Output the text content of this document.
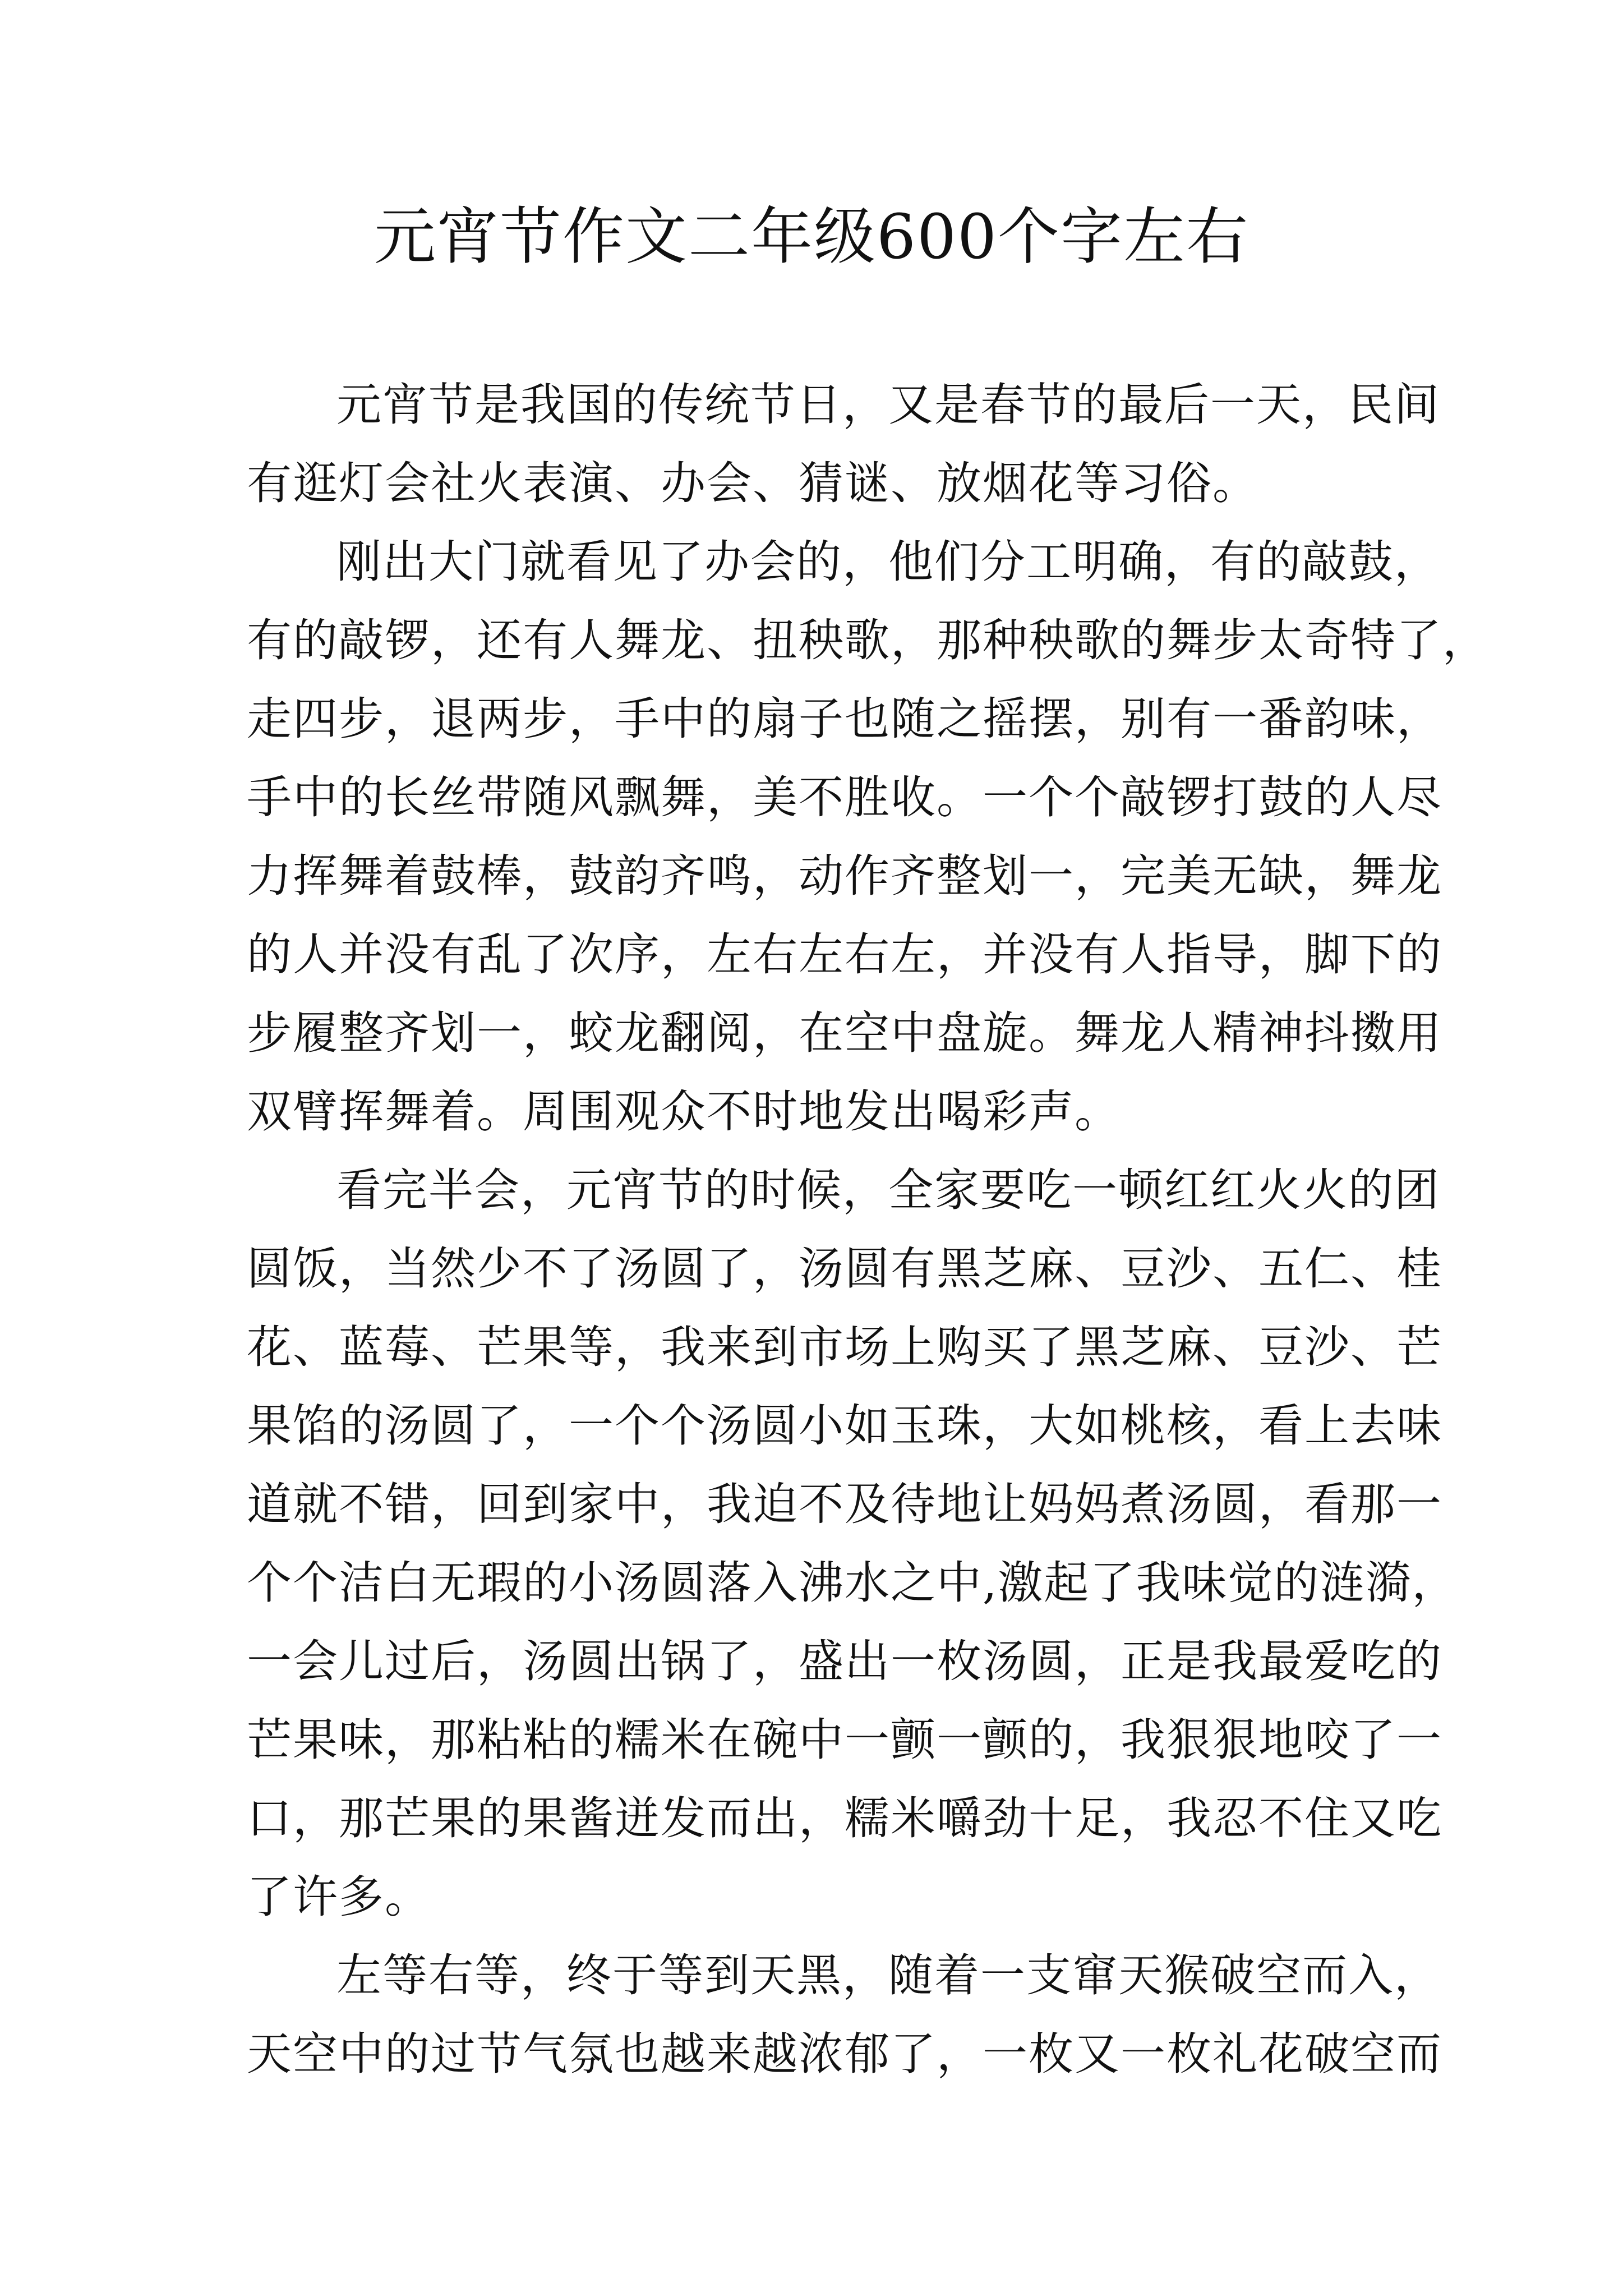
元宵节作文二年级600个字左右

元宵节是我国的传统节日，又是春节的最后一天，民间

有逛灯会社火表演、办会、猜谜、放烟花等习俗。

刚出大门就看见了办会的，他们分工明确，有的敲鼓，

有的敲锣，还有人舞龙、扭秧歌，那种秧歌的舞步太奇特了，

走四步，退两步，手中的扇子也随之摇摆，别有一番韵味，

手中的长丝带随风飘舞，美不胜收。一个个敲锣打鼓的人尽

力挥舞着鼓棒，鼓韵齐鸣，动作齐整划一，完美无缺，舞龙

的人并没有乱了次序，左右左右左，并没有人指导，脚下的

步履整齐划一，蛟龙翻阅，在空中盘旋。舞龙人精神抖擞用

双臂挥舞着。周围观众不时地发出喝彩声。

看完半会，元宵节的时候，全家要吃一顿红红火火的团

圆饭，当然少不了汤圆了，汤圆有黑芝麻、豆沙、五仁、桂

花、蓝莓、芒果等，我来到市场上购买了黑芝麻、豆沙、芒

果馅的汤圆了，一个个汤圆小如玉珠，大如桃核，看上去味

道就不错，回到家中，我迫不及待地让妈妈煮汤圆，看那一

个个洁白无瑕的小汤圆落入沸水之中,激起了我味觉的涟漪，

一会儿过后，汤圆出锅了，盛出一枚汤圆，正是我最爱吃的

芒果味，那粘粘的糯米在碗中一颤一颤的，我狠狠地咬了一

口，那芒果的果酱迸发而出，糯米嚼劲十足，我忍不住又吃

了许多。

左等右等，终于等到天黑，随着一支窜天猴破空而入，

天空中的过节气氛也越来越浓郁了，一枚又一枚礼花破空而
